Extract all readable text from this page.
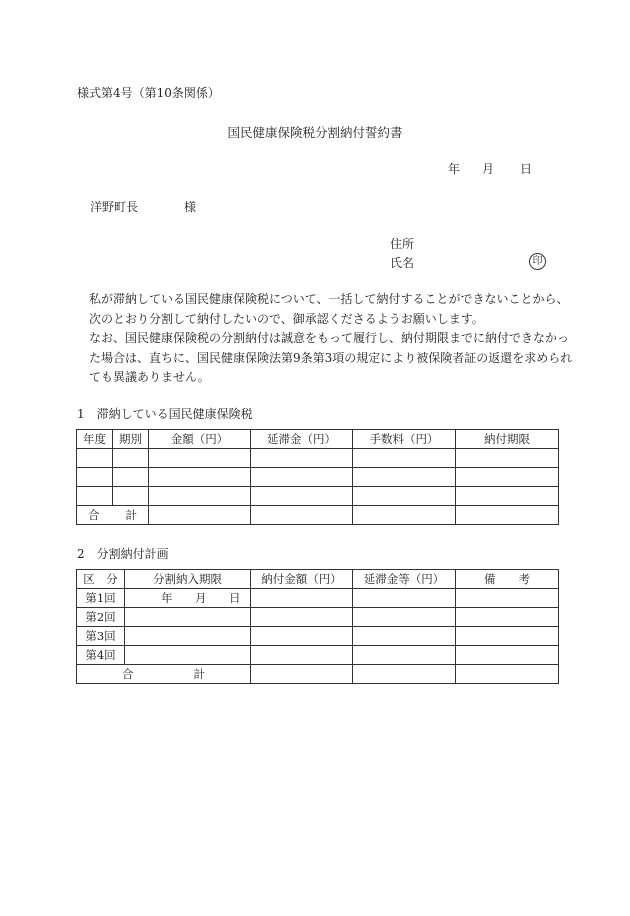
様式第4号（第10条関係）
国民健康保険税分割納付誓約書
年 月 日
洋野町長	様
住所
氏名	印
私が滞納している国民健康保険税について、一括して納付することができないことから、次のとおり分割して納付したいので、御承認くださるようお願いします。
なお、国民健康保険税の分割納付は誠意をもって履行し、納付期限までに納付できなかった場合は、直ちに、国民健康保険法第9条第3項の規定により被保険者証の返還を求められても異議ありません。
1　滞納している国民健康保険税
年度	期別	金額（円）	延滞金（円）	手数料（円）	納付期限

合 計					
2　分割納付計画
区　分	分割納入期限	納付金額（円）	延滞金等（円）	備　　考
第1回	年 月 日			
第2回				
第3回				
第4回				
合 計				
